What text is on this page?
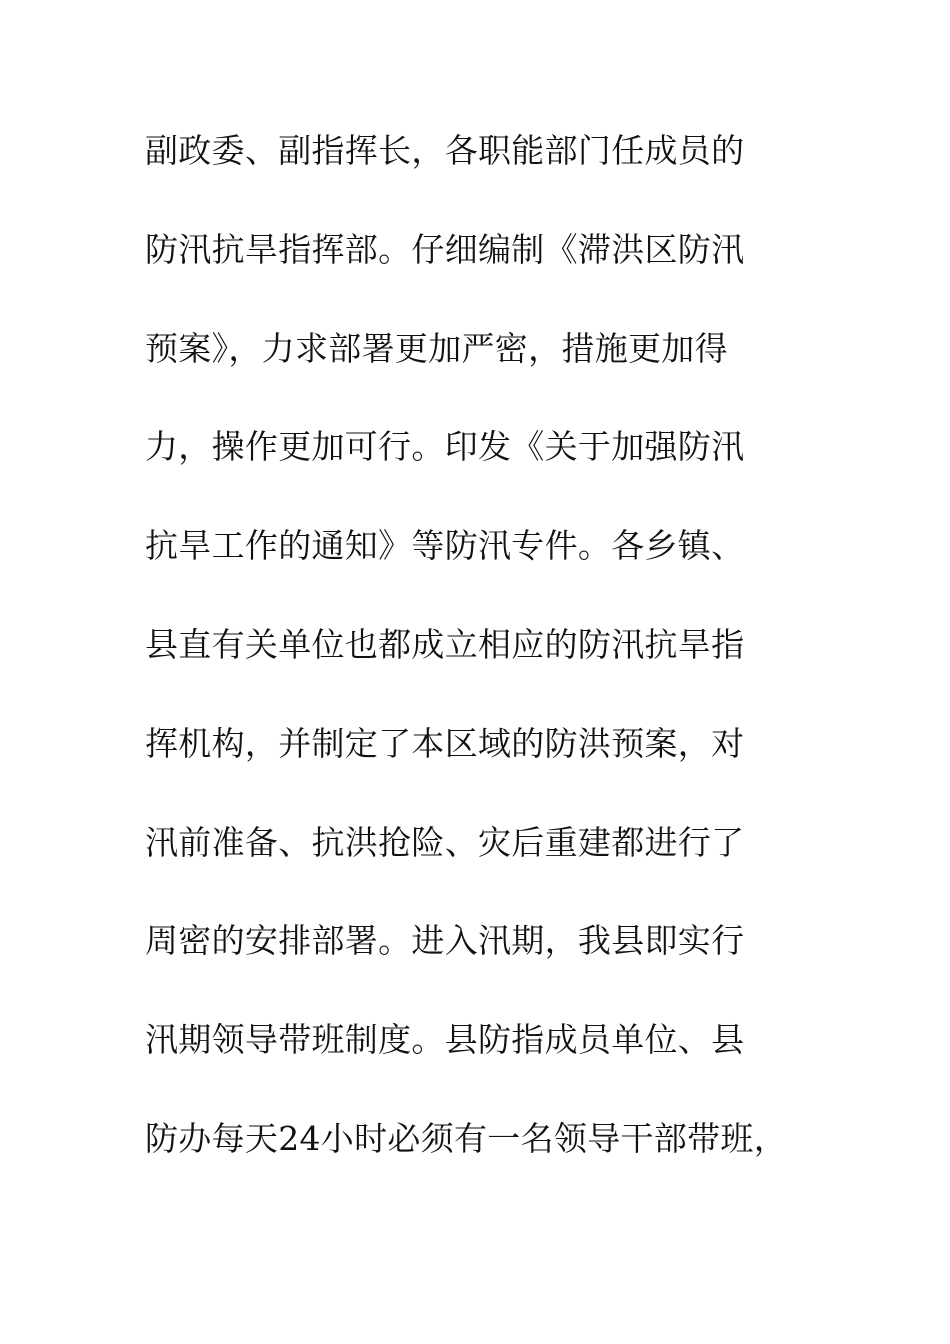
副政委、副指挥长，各职能部门任成员的
防汛抗旱指挥部。仔细编制《滞洪区防汛
预案》，力求部署更加严密，措施更加得
力，操作更加可行。印发《关于加强防汛
抗旱工作的通知》等防汛专件。各乡镇、
县直有关单位也都成立相应的防汛抗旱指
挥机构，并制定了本区域的防洪预案，对
汛前准备、抗洪抢险、灾后重建都进行了
周密的安排部署。进入汛期，我县即实行
汛期领导带班制度。县防指成员单位、县
防办每天24小时必须有一名领导干部带班，
